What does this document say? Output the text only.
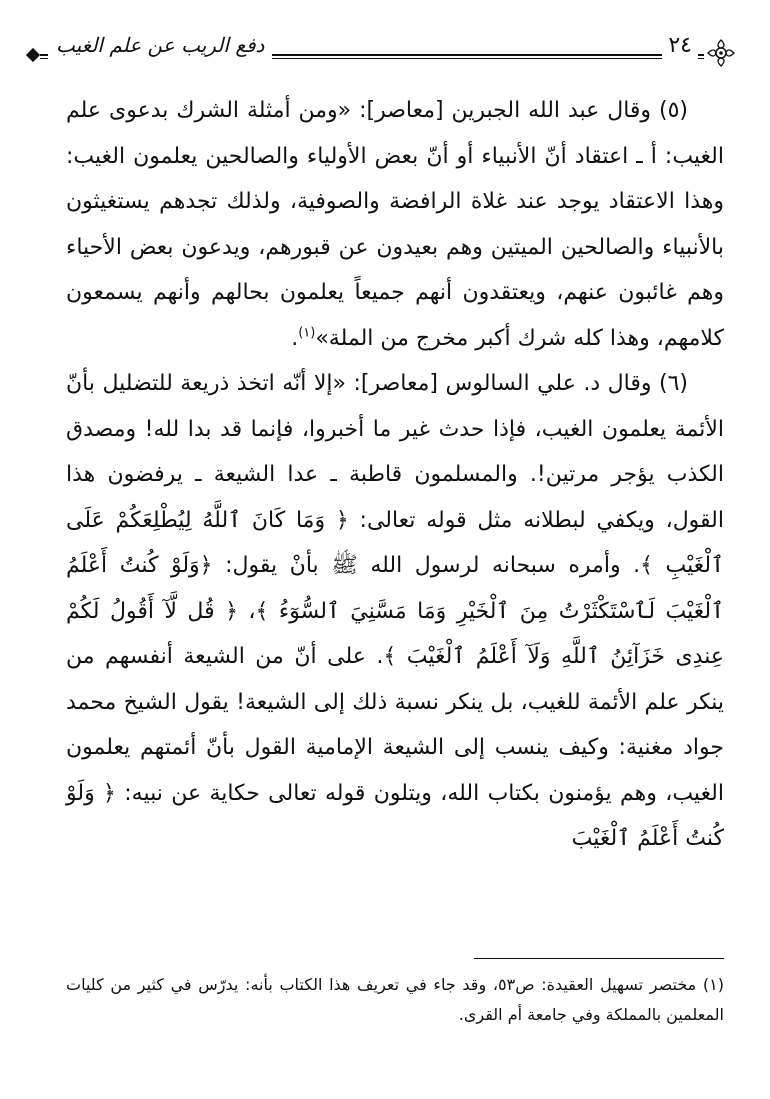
دفع الريب عن علم الغيب	٢٤

(٥) وقال عبد الله الجبرين [معاصر]: «ومن أمثلة الشرك بدعوى علم الغيب: أ ـ اعتقاد أنّ الأنبياء أو أنّ بعض الأولياء والصالحين يعلمون الغيب: وهذا الاعتقاد يوجد عند غلاة الرافضة والصوفية، ولذلك تجدهم يستغيثون بالأنبياء والصالحين الميتين وهم بعيدون عن قبورهم، ويدعون بعض الأحياء وهم غائبون عنهم، ويعتقدون أنهم جميعاً يعلمون بحالهم وأنهم يسمعون كلامهم، وهذا كله شرك أكبر مخرج من الملة»$^{(١)}$.

(٦) وقال د. علي السالوس [معاصر]: «إلا أنّه اتخذ ذريعة للتضليل بأنّ الأئمة يعلمون الغيب، فإذا حدث غير ما أخبروا، فإنما قد بدا لله! ومصدق الكذب يؤجر مرتين!. والمسلمون قاطبة ـ عدا الشيعة ـ يرفضون هذا القول، ويكفي لبطلانه مثل قوله تعالى: ﴿ وَمَا كَانَ ٱللَّهُ لِيُطْلِعَكُمْ عَلَى ٱلْغَيْبِ ﴾. وأمره سبحانه لرسول الله ﷺ بأنْ يقول: ﴿وَلَوْ كُنتُ أَعْلَمُ ٱلْغَيْبَ لَٱسْتَكْثَرْتُ مِنَ ٱلْخَيْرِ وَمَا مَسَّنِيَ ٱلسُّوٓءُ ﴾، ﴿ قُل لَّآ أَقُولُ لَكُمْ عِندِى خَزَآئِنُ ٱللَّهِ وَلَآ أَعْلَمُ ٱلْغَيْبَ ﴾. على أنّ من الشيعة أنفسهم من ينكر علم الأئمة للغيب، بل ينكر نسبة ذلك إلى الشيعة! يقول الشيخ محمد جواد مغنية: وكيف ينسب إلى الشيعة الإمامية القول بأنّ أئمتهم يعلمون الغيب، وهم يؤمنون بكتاب الله، ويتلون قوله تعالى حكاية عن نبيه: ﴿ وَلَوْ كُنتُ أَعْلَمُ ٱلْغَيْبَ

(١) مختصر تسهيل العقيدة: ص٥٣، وقد جاء في تعريف هذا الكتاب بأنه: يدرّس في كثير من كليات المعلمين بالمملكة وفي جامعة أم القرى.
